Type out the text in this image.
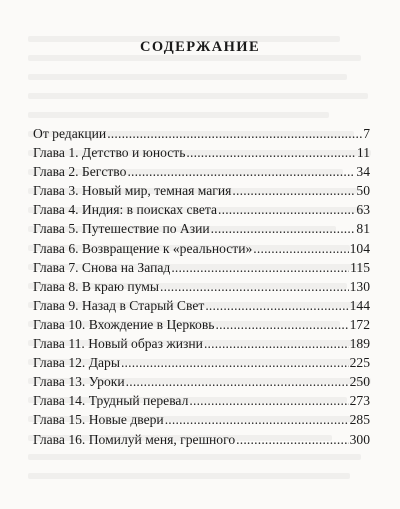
СОДЕРЖАНИЕ
От редакции .....	7
Глава 1. Детство и юность .....	11
Глава 2. Бегство .....	34
Глава 3. Новый мир, темная магия .....	50
Глава 4. Индия: в поисках света .....	63
Глава 5. Путешествие по Азии .....	81
Глава 6. Возвращение к «реальности» .....	104
Глава 7. Снова на Запад .....	115
Глава 8. В краю пумы .....	130
Глава 9. Назад в Старый Свет .....	144
Глава 10. Вхождение в Церковь .....	172
Глава 11. Новый образ жизни .....	189
Глава 12. Дары .....	225
Глава 13. Уроки .....	250
Глава 14. Трудный перевал .....	273
Глава 15. Новые двери .....	285
Глава 16. Помилуй меня, грешного .....	300
